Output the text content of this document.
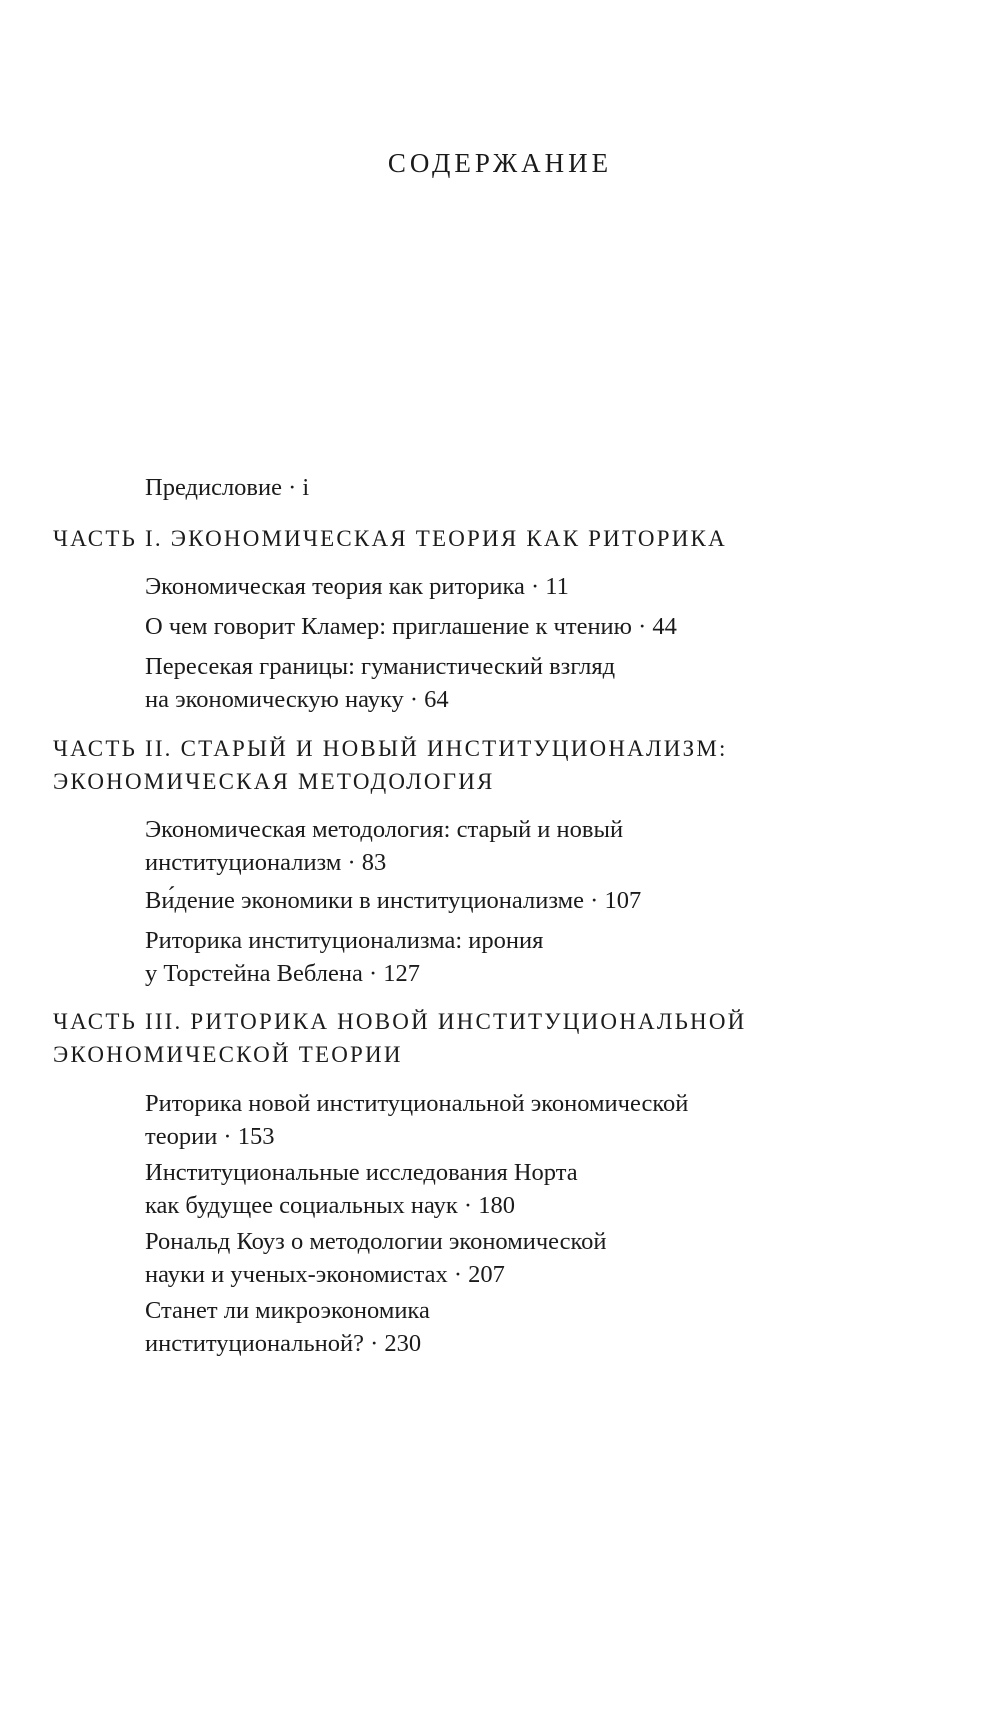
СОДЕРЖАНИЕ
Предисловие · i
ЧАСТЬ I. ЭКОНОМИЧЕСКАЯ ТЕОРИЯ КАК РИТОРИКА
Экономическая теория как риторика · 11
О чем говорит Кламер: приглашение к чтению · 44
Пересекая границы: гуманистический взгляд
на экономическую науку · 64
ЧАСТЬ II. СТАРЫЙ И НОВЫЙ ИНСТИТУЦИОНАЛИЗМ:
ЭКОНОМИЧЕСКАЯ МЕТОДОЛОГИЯ
Экономическая методология: старый и новый
институционализм · 83
Ви́дение экономики в институционализме · 107
Риторика институционализма: ирония
у Торстейна Веблена · 127
ЧАСТЬ III. РИТОРИКА НОВОЙ ИНСТИТУЦИОНАЛЬНОЙ
ЭКОНОМИЧЕСКОЙ ТЕОРИИ
Риторика новой институциональной экономической
теории · 153
Институциональные исследования Норта
как будущее социальных наук · 180
Рональд Коуз о методологии экономической
науки и ученых-экономистах · 207
Станет ли микроэкономика
институциональной? · 230
